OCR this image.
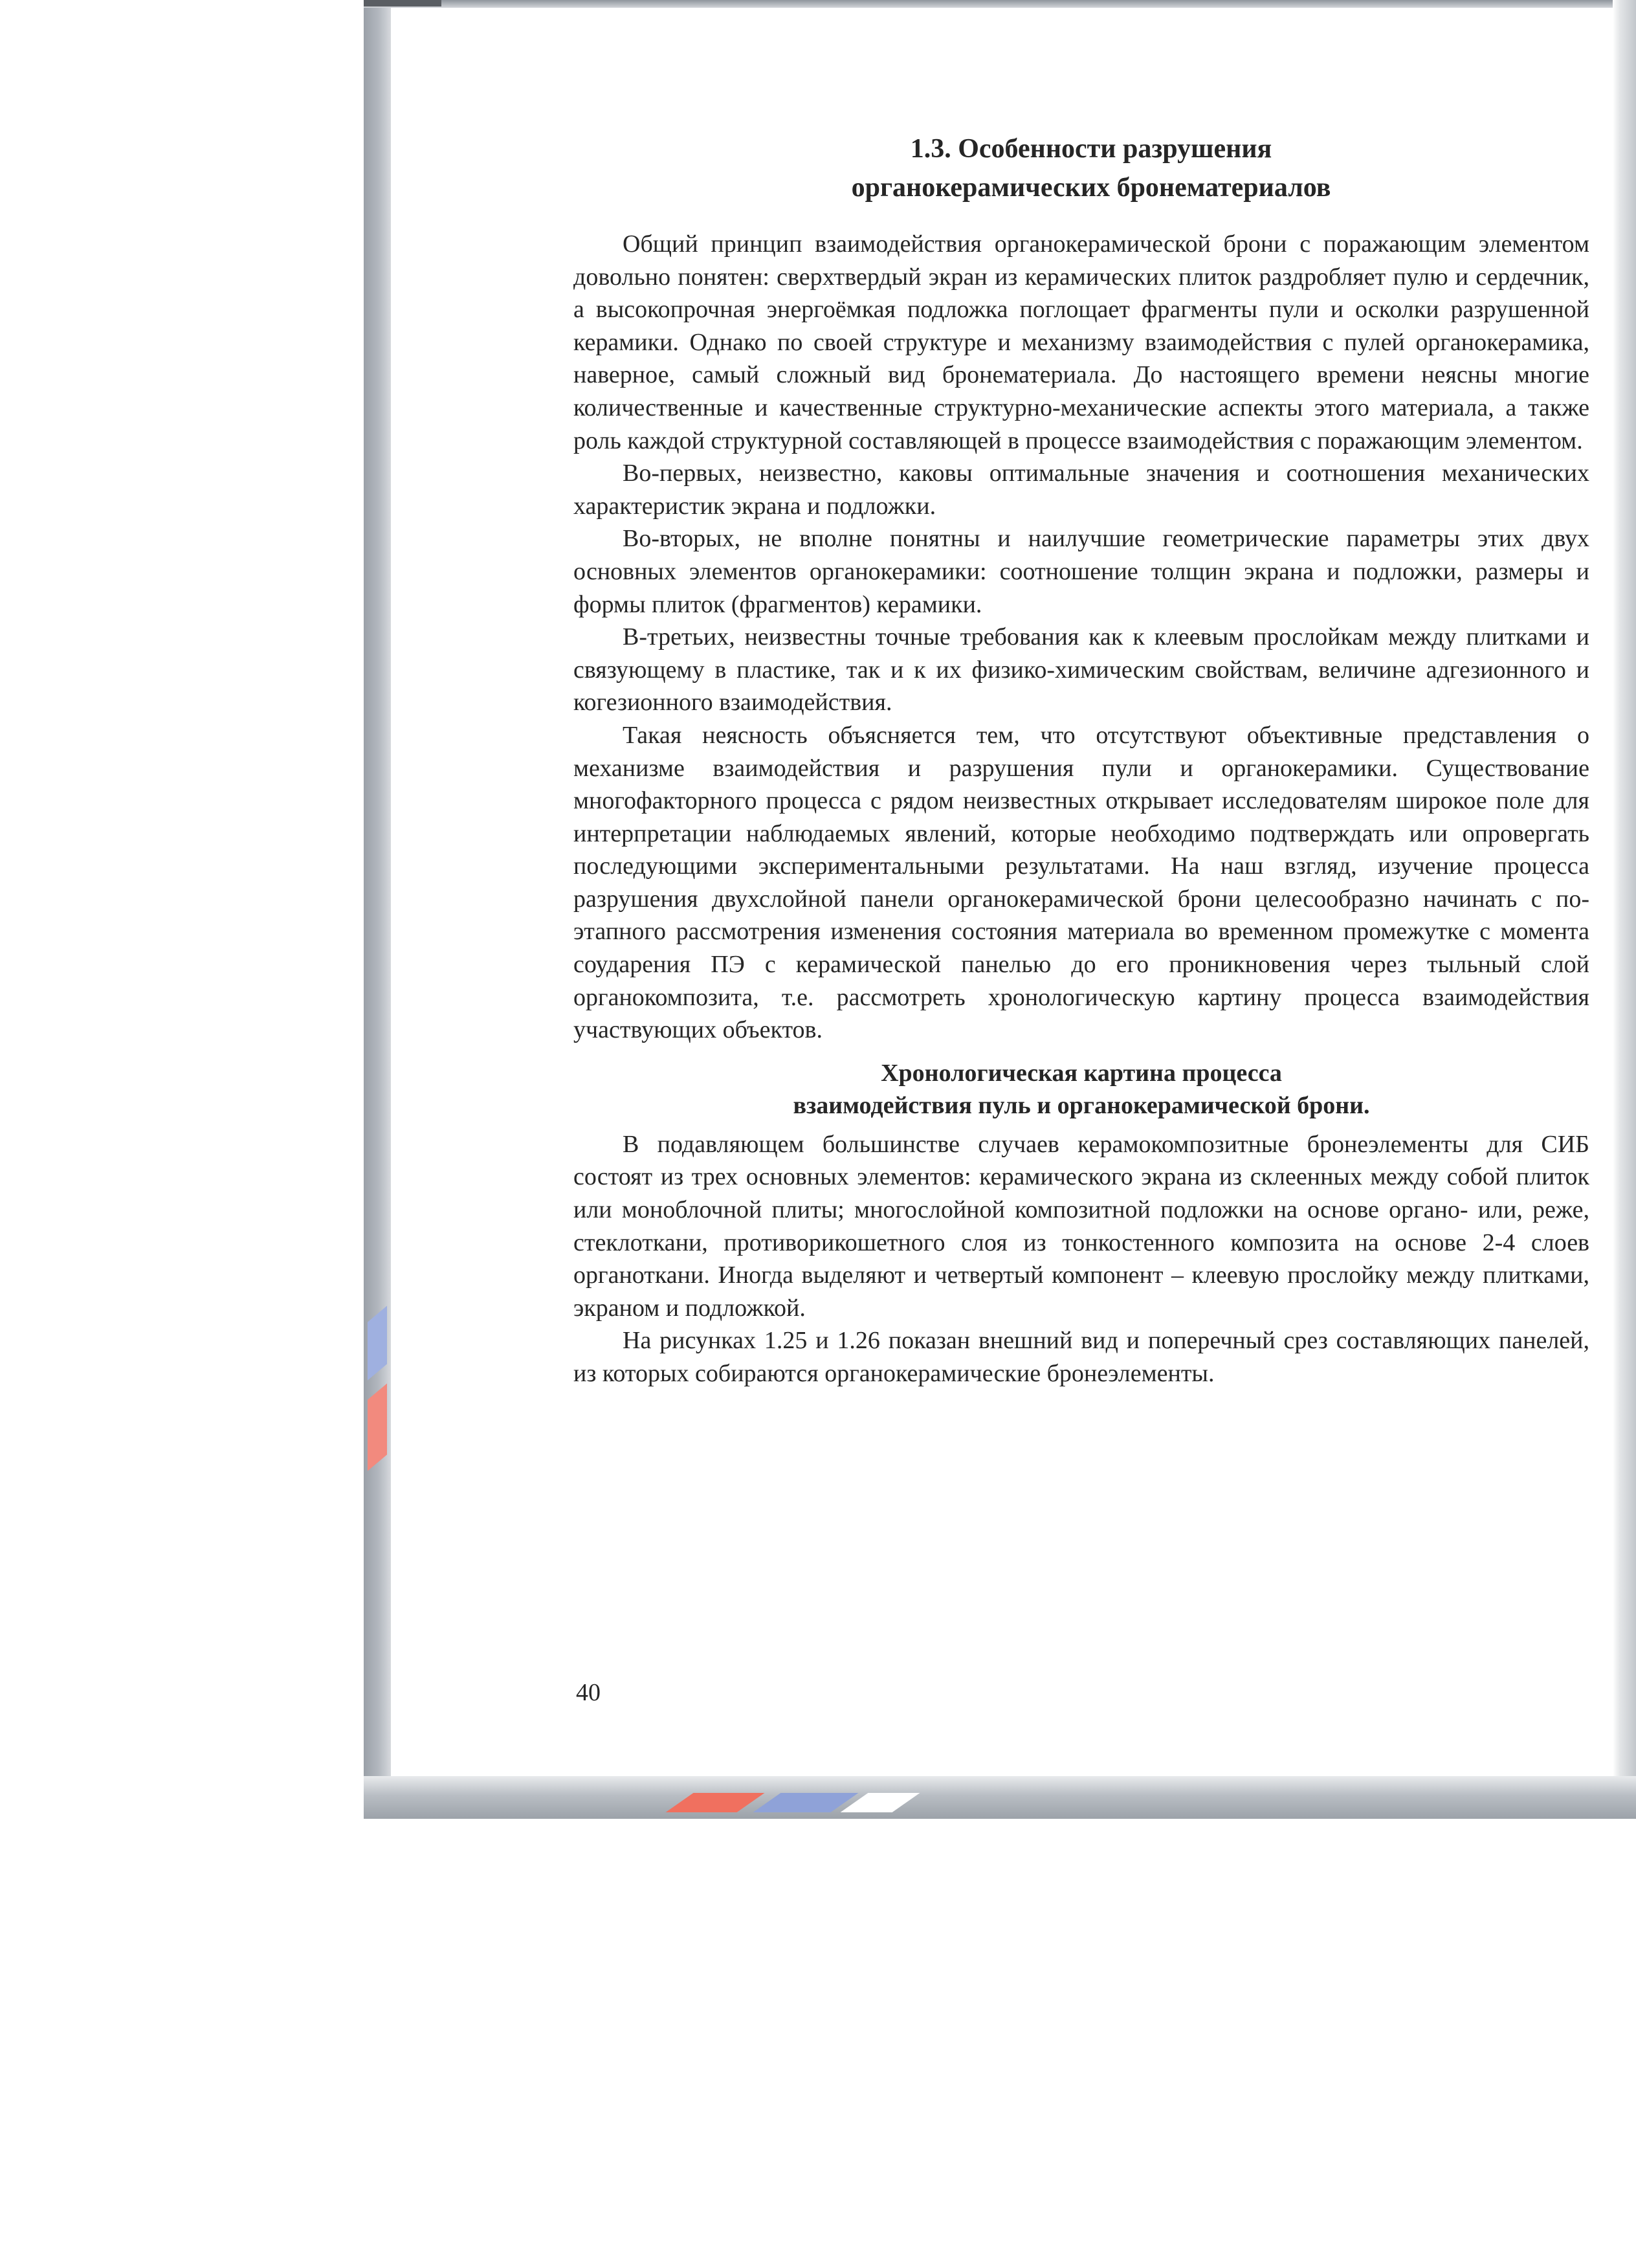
1.3. Особенности разрушения
органокерамических бронематериалов

Общий принцип взаимодействия органокерамической брони с поражающим элементом довольно понятен: сверхтвердый экран из керамических плиток раздробляет пулю и сердечник, а высокопрочная энергоёмкая подложка поглощает фрагменты пули и осколки разрушенной керамики. Однако по своей структуре и механизму взаимодействия с пулей органокерамика, наверное, самый сложный вид бронематериала. До настоящего времени неясны многие количественные и качественные структурно-механические аспекты этого материала, а также роль каждой структурной составляющей в процессе взаимодействия с поражающим элементом.

Во-первых, неизвестно, каковы оптимальные значения и соотношения механических характеристик экрана и подложки.

Во-вторых, не вполне понятны и наилучшие геометрические параметры этих двух основных элементов органокерамики: соотношение толщин экрана и подложки, размеры и формы плиток (фрагментов) керамики.

В-третьих, неизвестны точные требования как к клеевым прослойкам между плитками и связующему в пластике, так и к их физико-химическим свойствам, величине адгезионного и когезионного взаимодействия.

Такая неясность объясняется тем, что отсутствуют объективные представления о механизме взаимодействия и разрушения пули и органокерамики. Существование многофакторного процесса с рядом неизвестных открывает исследователям широкое поле для интерпретации наблюдаемых явлений, которые необходимо подтверждать или опровергать последующими экспериментальными результатами. На наш взгляд, изучение процесса разрушения двухслойной панели органокерамической брони целесообразно начинать с поэтапного рассмотрения изменения состояния материала во временном промежутке с момента соударения ПЭ с керамической панелью до его проникновения через тыльный слой органокомпозита, т.е. рассмотреть хронологическую картину процесса взаимодействия участвующих объектов.

Хронологическая картина процесса
взаимодействия пуль и органокерамической брони.

В подавляющем большинстве случаев керамокомпозитные бронеэлементы для СИБ состоят из трех основных элементов: керамического экрана из склеенных между собой плиток или моноблочной плиты; многослойной композитной подложки на основе органо- или, реже, стеклоткани, противорикошетного слоя из тонкостенного композита на основе 2-4 слоев органоткани. Иногда выделяют и четвертый компонент – клеевую прослойку между плитками, экраном и подложкой.

На рисунках 1.25 и 1.26 показан внешний вид и поперечный срез составляющих панелей, из которых собираются органокерамические бронеэлементы.

40
